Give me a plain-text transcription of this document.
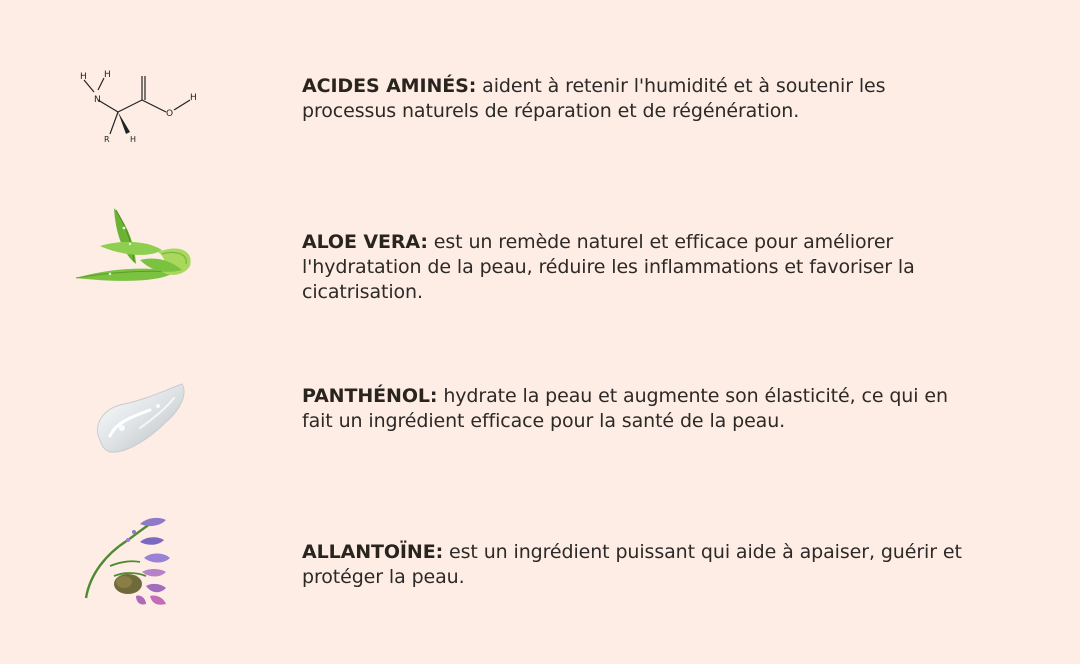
N
H H
O
H
R	H
ACIDES AMINÉS: aident à retenir l'humidité et à soutenir les processus naturels de réparation et de régénération.
ALOE VERA: est un remède naturel et efficace pour améliorer l'hydratation de la peau, réduire les inflammations et favoriser la cicatrisation.
PANTHÉNOL: hydrate la peau et augmente son élasticité, ce qui en fait un ingrédient efficace pour la santé de la peau.
ALLANTOÏNE: est un ingrédient puissant qui aide à apaiser, guérir et protéger la peau.
